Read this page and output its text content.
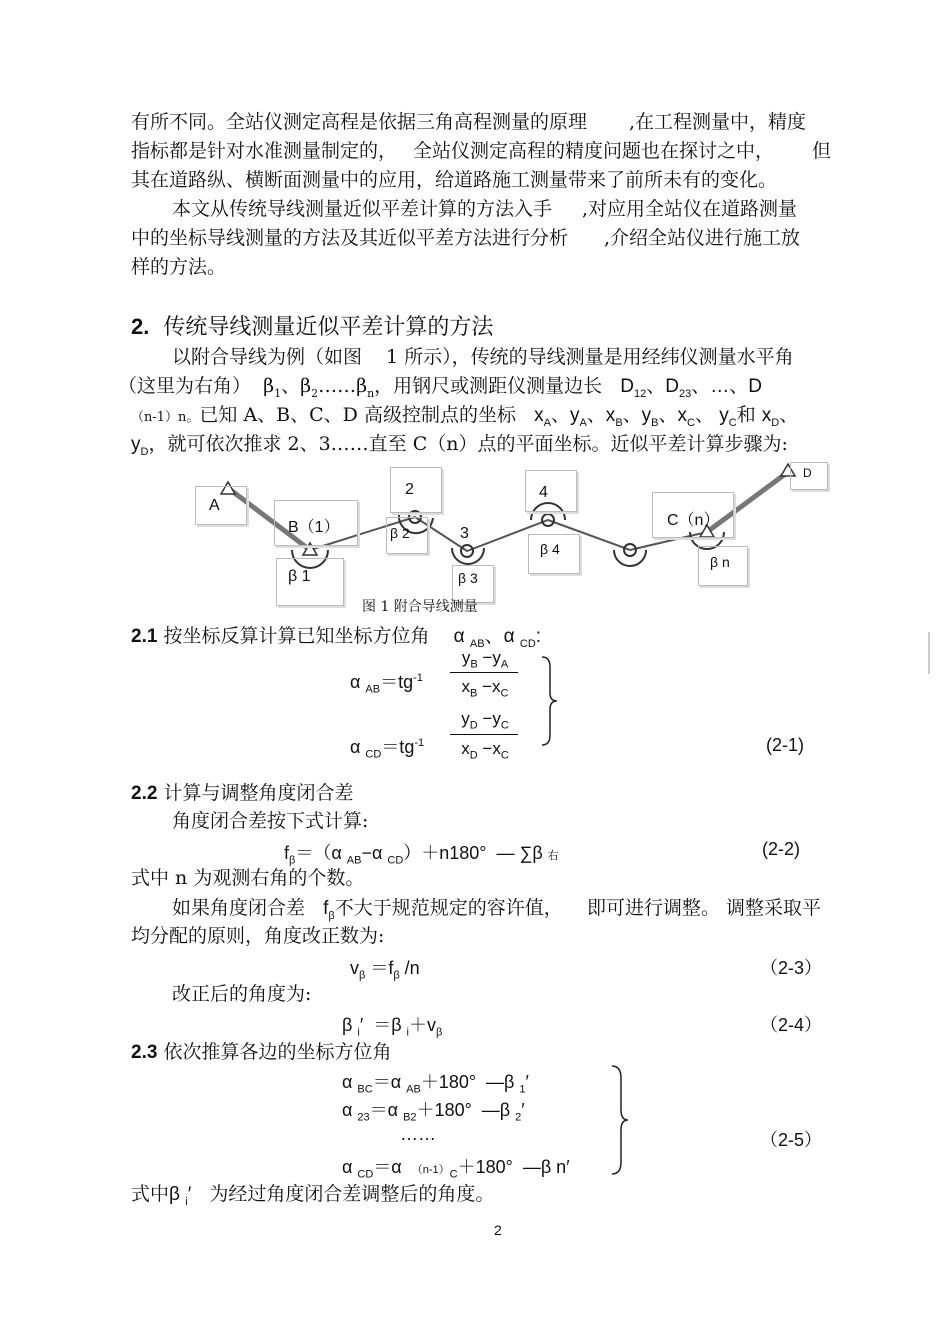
有所不同。全站仪测定高程是依据三角高程测量的原理 ,在工程测量中，精度
指标都是针对水准测量制定的， 全站仪测定高程的精度问题也在探讨之中， 但
其在道路纵、横断面测量中的应用，给道路施工测量带来了前所未有的变化。
本文从传统导线测量近似平差计算的方法入手 ,对应用全站仪在道路测量
中的坐标导线测量的方法及其近似平差方法进行分析 ,介绍全站仪进行施工放
样的方法。
2. 传统导线测量近似平差计算的方法
以附合导线为例（如图 1 所示），传统的导线测量是用经纬仪测量水平角
（这里为右角）  $\beta_1$、$\beta_2\dots\dots\beta_n$，用钢尺或测距仪测量边长   $D_{12}$、$D_{23}$、…、D
（n-1）n。已知 A、B、C、D 高级控制点的坐标 $x_A$、$y_A$、$x_B$、$y_B$、$x_C$、 $y_C$和 $x_D$、
$y_D$，就可依次推求 2、3……直至 C（n）点的平面坐标。近似平差计算步骤为:
A
B（1）
β 1
2
β 2	3
β 3
4
β 4
C（n）
β n
D
图 1 附合导线测量
2.1 按坐标反算计算已知坐标方位角 α $_{AB}$、α $_{CD}$:
α $_{AB}=tg^{-1}$
$y_B -y_A$
$x_B -x_C$
α $_{CD}=tg^{-1}$
$y_D -y_C$
$x_D -x_C$
(2-1)
2.2 计算与调整角度闭合差
角度闭合差按下式计算:
$f_\beta=(\alpha$ $_{AB}$−α $_{CD}$）＋n180°  — ∑β 右	(2-2)
式中 n 为观测右角的个数。
如果角度闭合差 $f_\beta$不大于规范规定的容许值， 即可进行调整。 调整采取平
均分配的原则，角度改正数为:
$v_\beta =f_\beta$ /n	（2-3）
改正后的角度为:
β $_i$′  ＝β $_i+v_\beta$	（2-4）
2.3 依次推算各边的坐标方位角
α $_{BC}$＝α $_{AB}$＋180°  —β $_1$′
α $_{23}$＝α $_{B2}$＋180°  —β $_2$′
……
α $_{CD}$＝α  $(n-1)_C+180^\circ$  —β n′
（2-5）
式中β $_i$′ 为经过角度闭合差调整后的角度。
2
